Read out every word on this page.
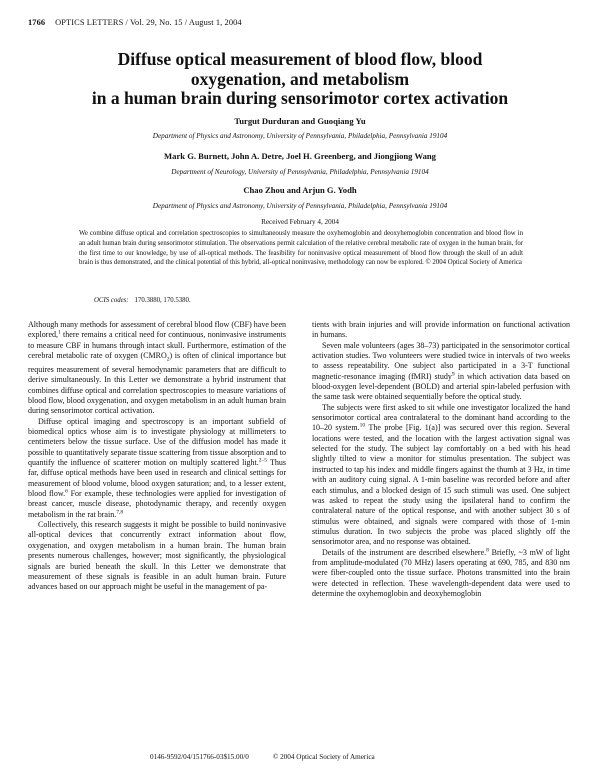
1766 OPTICS LETTERS / Vol. 29, No. 15 / August 1, 2004
Diffuse optical measurement of blood flow, blood
oxygenation, and metabolism
in a human brain during sensorimotor cortex activation
Turgut Durduran and Guoqiang Yu
Department of Physics and Astronomy, University of Pennsylvania, Philadelphia, Pennsylvania 19104
Mark G. Burnett, John A. Detre, Joel H. Greenberg, and Jiongjiong Wang
Department of Neurology, University of Pennsylvania, Philadelphia, Pennsylvania 19104
Chao Zhou and Arjun G. Yodh
Department of Physics and Astronomy, University of Pennsylvania, Philadelphia, Pennsylvania 19104
Received February 4, 2004

We combine diffuse optical and correlation spectroscopies to simultaneously measure the oxyhemoglobin and deoxyhemoglobin concentration and blood flow in an adult human brain during sensorimotor stimulation. The observations permit calculation of the relative cerebral metabolic rate of oxygen in the human brain, for the first time to our knowledge, by use of all-optical methods. The feasibility for noninvasive optical measurement of blood flow through the skull of an adult brain is thus demonstrated, and the clinical potential of this hybrid, all-optical noninvasive, methodology can now be explored. © 2004 Optical Society of America

OCIS codes: 170.3880, 170.5380.

Although many methods for assessment of cerebral blood flow (CBF) have been explored,$^1$ there remains a critical need for continuous, noninvasive instruments to measure CBF in humans through intact skull. Furthermore, estimation of the cerebral metabolic rate of oxygen $(CMRO_2)$ is often of clinical importance but requires measurement of several hemodynamic parameters that are difficult to derive simultaneously. In this Letter we demonstrate a hybrid instrument that combines diffuse optical and correlation spectroscopies to measure variations of blood flow, blood oxygenation, and oxygen metabolism in an adult human brain during sensorimotor cortical activation.

Diffuse optical imaging and spectroscopy is an important subfield of biomedical optics whose aim is to investigate physiology at millimeters to centimeters below the tissue surface. Use of the diffusion model has made it possible to quantitatively separate tissue scattering from tissue absorption and to quantify the influence of scatterer motion on multiply scattered light.$^{2-5}$ Thus far, diffuse optical methods have been used in research and clinical settings for measurement of blood volume, blood oxygen saturation; and, to a lesser extent, blood flow.$^6$ For example, these technologies were applied for investigation of breast cancer, muscle disease, photodynamic therapy, and recently oxygen metabolism in the rat brain.$^{7,8}$

Collectively, this research suggests it might be possible to build noninvasive all-optical devices that concurrently extract information about flow, oxygenation, and oxygen metabolism in a human brain. The human brain presents numerous challenges, however; most significantly, the physiological signals are buried beneath the skull. In this Letter we demonstrate that measurement of these signals is feasible in an adult human brain. Future advances based on our approach might be useful in the management of pa-

tients with brain injuries and will provide information on functional activation in humans.

Seven male volunteers (ages 38–73) participated in the sensorimotor cortical activation studies. Two volunteers were studied twice in intervals of two weeks to assess repeatability. One subject also participated in a 3-T functional magnetic-resonance imaging (fMRI) study$^9$ in which activation data based on blood-oxygen level-dependent (BOLD) and arterial spin-labeled perfusion with the same task were obtained sequentially before the optical study.

The subjects were first asked to sit while one investigator localized the hand sensorimotor cortical area contralateral to the dominant hand according to the 10–20 system.$^{10}$ The probe [Fig. 1(a)] was secured over this region. Several locations were tested, and the location with the largest activation signal was selected for the study. The subject lay comfortably on a bed with his head slightly tilted to view a monitor for stimulus presentation. The subject was instructed to tap his index and middle fingers against the thumb at 3 Hz, in time with an auditory cuing signal. A 1-min baseline was recorded before and after each stimulus, and a blocked design of 15 such stimuli was used. One subject was asked to repeat the study using the ipsilateral hand to confirm the contralateral nature of the optical response, and with another subject 30 s of stimulus were obtained, and signals were compared with those of 1-min stimulus duration. In two subjects the probe was placed slightly off the sensorimotor area, and no response was obtained.

Details of the instrument are described elsewhere.$^8$ Briefly, ~3 mW of light from amplitude-modulated (70 MHz) lasers operating at 690, 785, and 830 nm were fiber-coupled onto the tissue surface. Photons transmitted into the brain were detected in reflection. These wavelength-dependent data were used to determine the oxyhemoglobin and deoxyhemoglobin

0146-9592/04/151766-03$15.00/0	© 2004 Optical Society of America
